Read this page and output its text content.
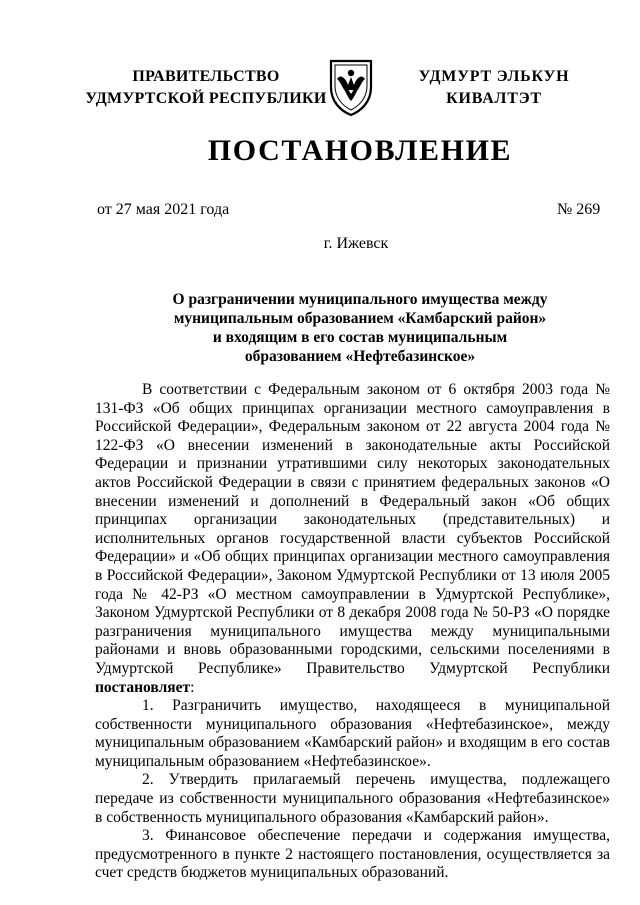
ПРАВИТЕЛЬСТВО
УДМУРТСКОЙ РЕСПУБЛИКИ
УДМУРТ ЭЛЬКУН
КИВАЛТЭТ
ПОСТАНОВЛЕНИЕ
от 27 мая 2021 года	№ 269
г. Ижевск
О разграничении муниципального имущества между
муниципальным образованием «Камбарский район»
и входящим в его состав муниципальным
образованием «Нефтебазинское»

В соответствии с Федеральным законом от 6 октября 2003 года № 131-ФЗ «Об общих принципах организации местного самоуправления в Российской Федерации», Федеральным законом от 22 августа 2004 года № 122-ФЗ «О внесении изменений в законодательные акты Российской Федерации и признании утратившими силу некоторых законодательных актов Российской Федерации в связи с принятием федеральных законов «О внесении изменений и дополнений в Федеральный закон «Об общих принципах организации законодательных (представительных) и исполнительных органов государственной власти субъектов Российской Федерации» и «Об общих принципах организации местного самоуправления в Российской Федерации», Законом Удмуртской Республики от 13 июля 2005 года № 42-РЗ «О местном самоуправлении в Удмуртской Республике», Законом Удмуртской Республики от 8 декабря 2008 года № 50-РЗ «О порядке разграничения муниципального имущества между муниципальными районами и вновь образованными городскими, сельскими поселениями в Удмуртской Республике» Правительство Удмуртской Республики постановляет:

1. Разграничить имущество, находящееся в муниципальной собственности муниципального образования «Нефтебазинское», между муниципальным образованием «Камбарский район» и входящим в его состав муниципальным образованием «Нефтебазинское».

2. Утвердить прилагаемый перечень имущества, подлежащего передаче из собственности муниципального образования «Нефтебазинское» в собственность муниципального образования «Камбарский район».

3. Финансовое обеспечение передачи и содержания имущества, предусмотренного в пункте 2 настоящего постановления, осуществляется за счет средств бюджетов муниципальных образований.
